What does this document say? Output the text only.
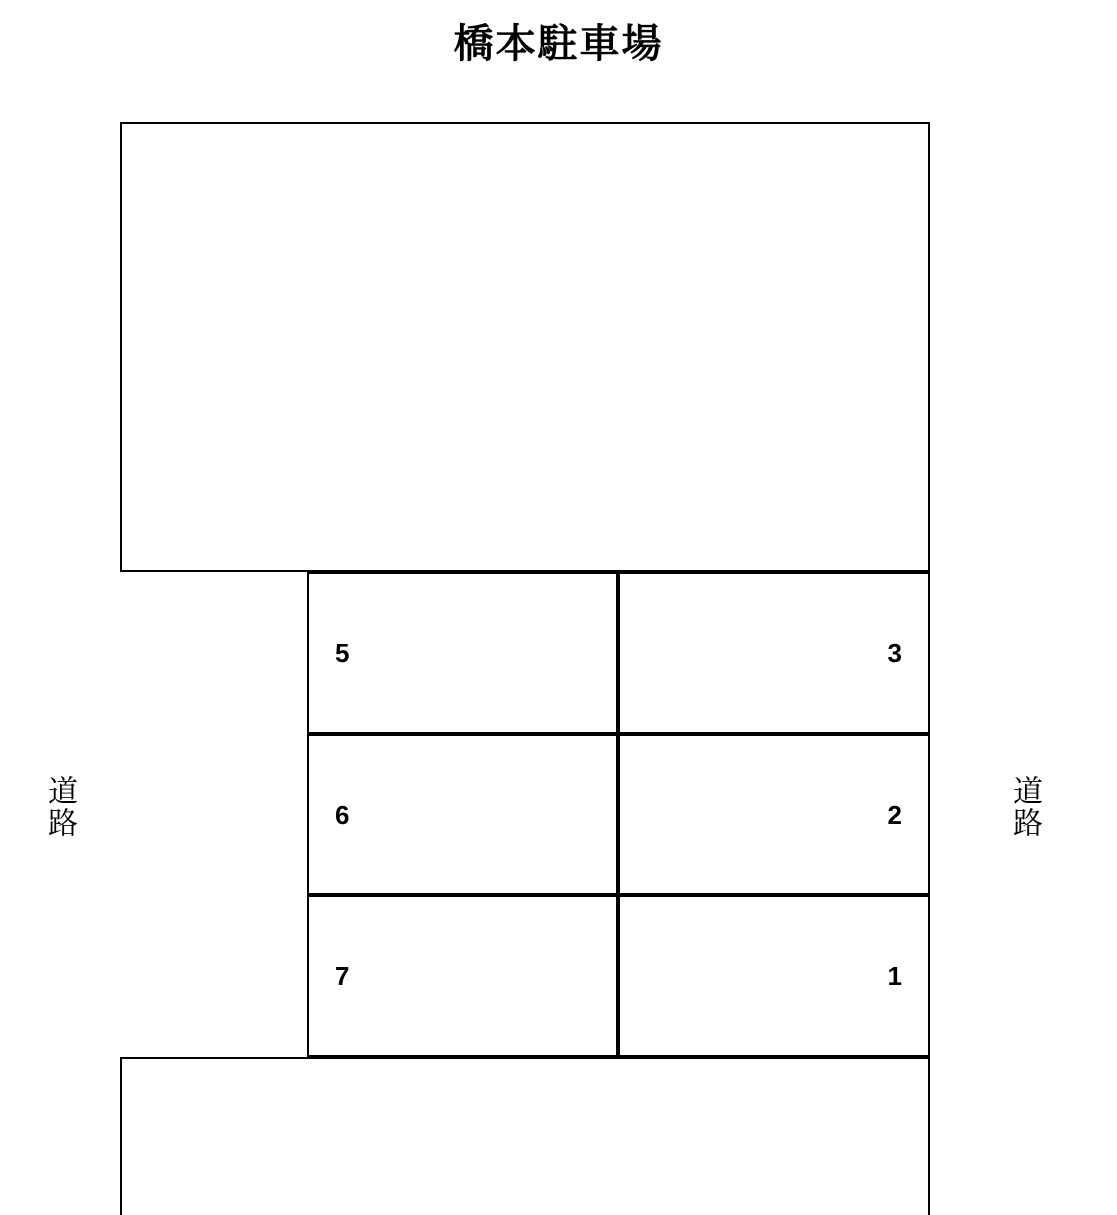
橋本駐車場
5	3
6	2
7	1
道路	道路
